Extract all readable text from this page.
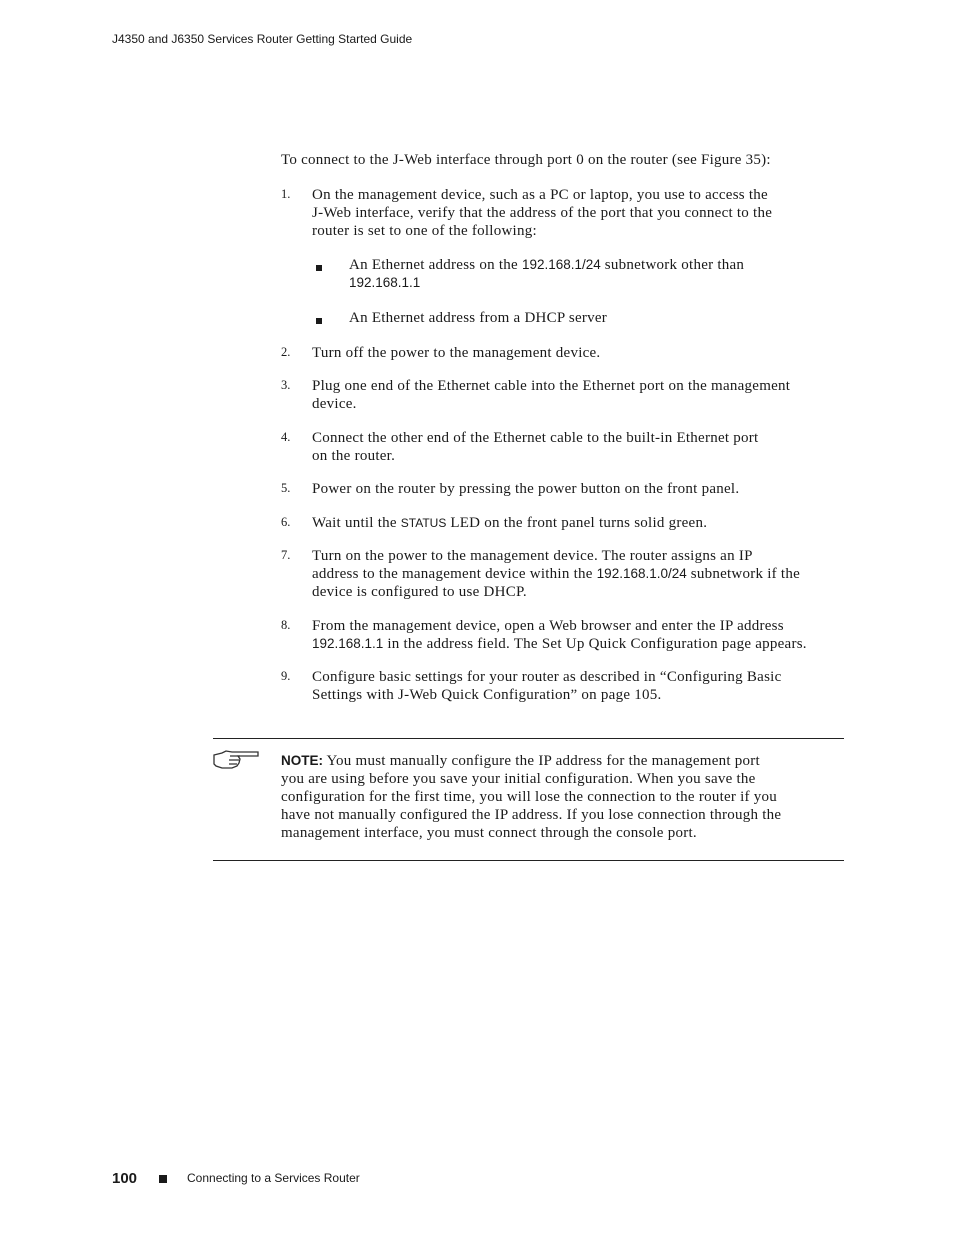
J4350 and J6350 Services Router Getting Started Guide
To connect to the J-Web interface through port 0 on the router (see Figure 35):
1. On the management device, such as a PC or laptop, you use to access the
J-Web interface, verify that the address of the port that you connect to the
router is set to one of the following:
An Ethernet address on the 192.168.1/24 subnetwork other than
192.168.1.1
An Ethernet address from a DHCP server
2. Turn off the power to the management device.
3. Plug one end of the Ethernet cable into the Ethernet port on the management
device.
4. Connect the other end of the Ethernet cable to the built-in Ethernet port
on the router.
5. Power on the router by pressing the power button on the front panel.
6. Wait until the STATUS LED on the front panel turns solid green.
7. Turn on the power to the management device. The router assigns an IP
address to the management device within the 192.168.1.0/24 subnetwork if the
device is configured to use DHCP.
8. From the management device, open a Web browser and enter the IP address
192.168.1.1 in the address field. The Set Up Quick Configuration page appears.
9. Configure basic settings for your router as described in “Configuring Basic
Settings with J-Web Quick Configuration” on page 105.
NOTE: You must manually configure the IP address for the management port
you are using before you save your initial configuration. When you save the
configuration for the first time, you will lose the connection to the router if you
have not manually configured the IP address. If you lose connection through the
management interface, you must connect through the console port.
100	Connecting to a Services Router
